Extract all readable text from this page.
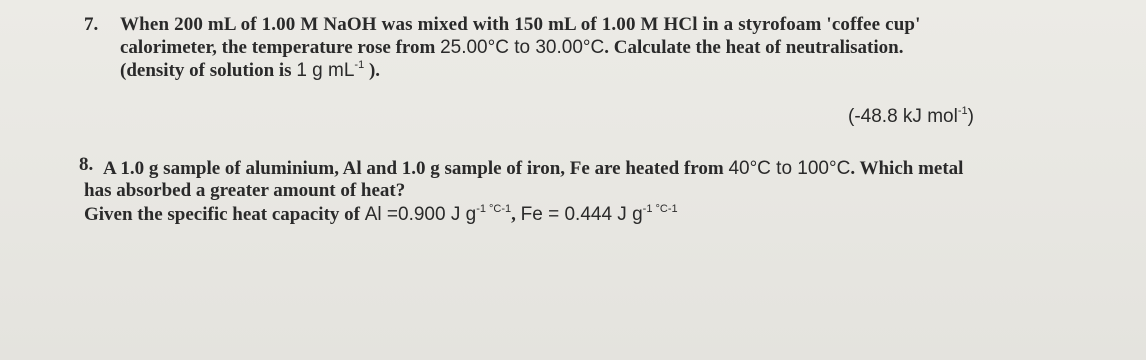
7. When 200 mL of 1.00 M NaOH was mixed with 150 mL of 1.00 M HCl in a styrofoam 'coffee cup'
calorimeter, the temperature rose from 25.00°C to 30.00°C. Calculate the heat of neutralisation.
(density of solution is 1 g $mL^{-1}$ ).
(-48.8 kJ mol$^{-1}$)
8. A 1.0 g sample of aluminium, Al and 1.0 g sample of iron, Fe are heated from 40°C to 100°C. Which metal
has absorbed a greater amount of heat?
Given the specific heat capacity of Al =0.900 J $g^{-1 ^\circ C-1}$, Fe = 0.444 J $g^{-1 ^\circ C-1}$
